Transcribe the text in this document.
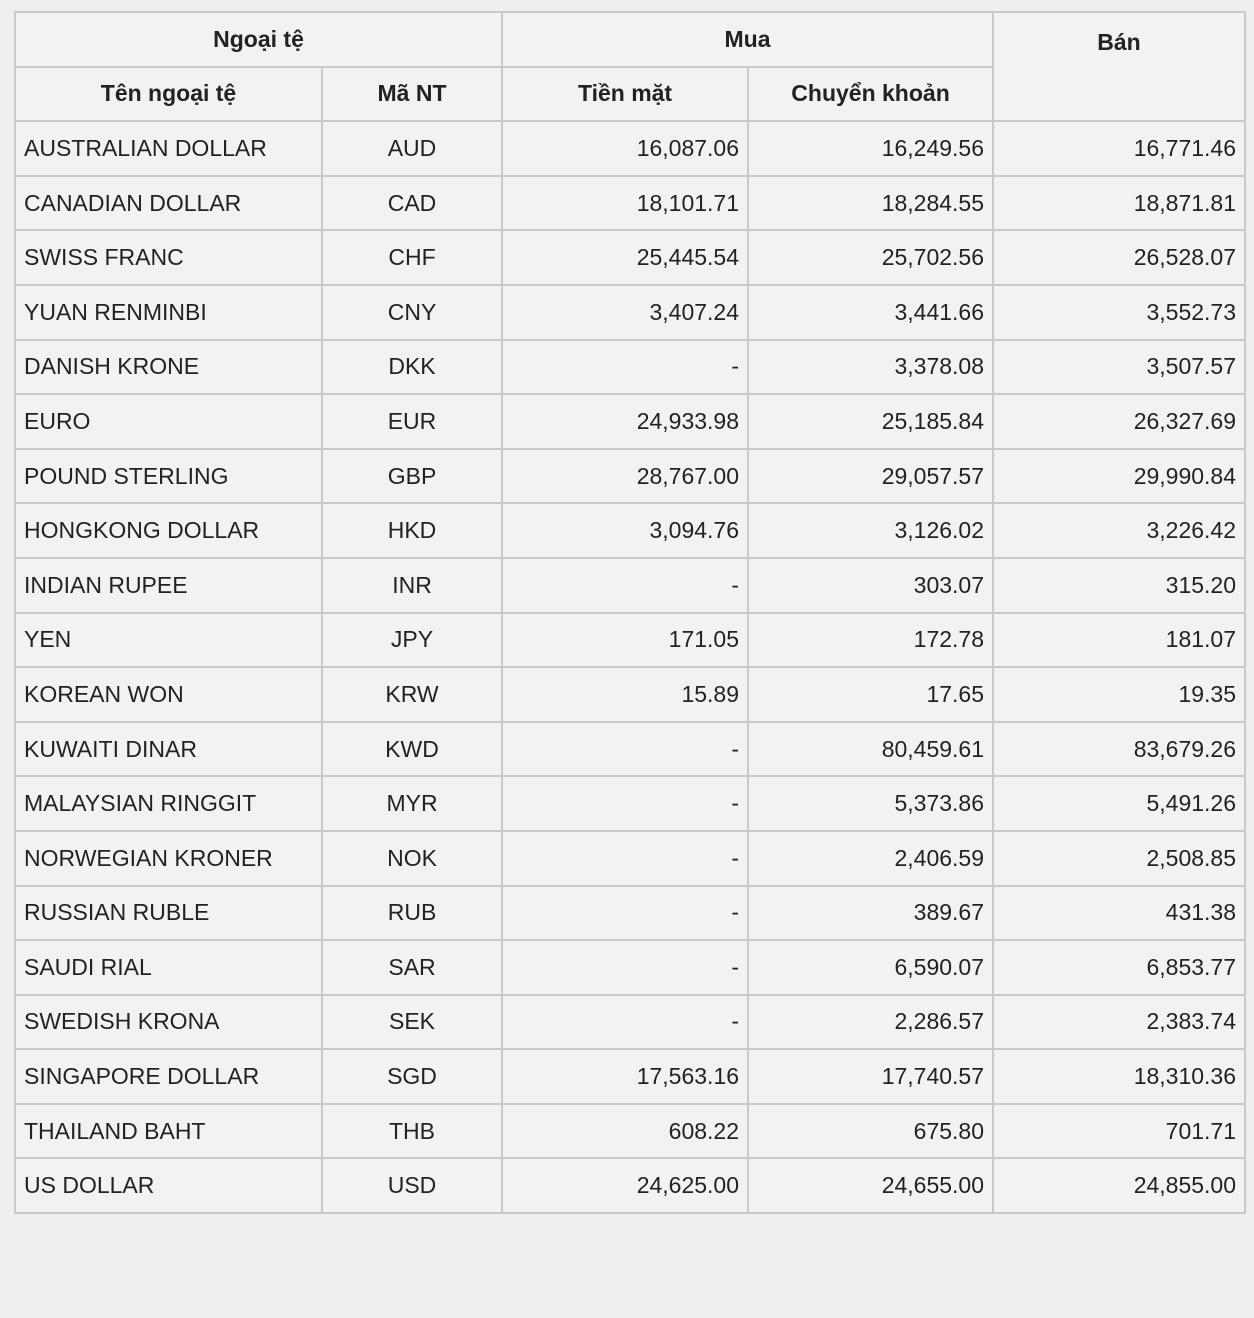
Ngoại tệ		Mua		Bán
Tên ngoại tệ	Mã NT	Tiền mặt	Chuyển khoản	
AUSTRALIAN DOLLAR	AUD	16,087.06	16,249.56	16,771.46
CANADIAN DOLLAR	CAD	18,101.71	18,284.55	18,871.81
SWISS FRANC	CHF	25,445.54	25,702.56	26,528.07
YUAN RENMINBI	CNY	3,407.24	3,441.66	3,552.73
DANISH KRONE	DKK	-	3,378.08	3,507.57
EURO	EUR	24,933.98	25,185.84	26,327.69
POUND STERLING	GBP	28,767.00	29,057.57	29,990.84
HONGKONG DOLLAR	HKD	3,094.76	3,126.02	3,226.42
INDIAN RUPEE	INR	-	303.07	315.20
YEN	JPY	171.05	172.78	181.07
KOREAN WON	KRW	15.89	17.65	19.35
KUWAITI DINAR	KWD	-	80,459.61	83,679.26
MALAYSIAN RINGGIT	MYR	-	5,373.86	5,491.26
NORWEGIAN KRONER	NOK	-	2,406.59	2,508.85
RUSSIAN RUBLE	RUB	-	389.67	431.38
SAUDI RIAL	SAR	-	6,590.07	6,853.77
SWEDISH KRONA	SEK	-	2,286.57	2,383.74
SINGAPORE DOLLAR	SGD	17,563.16	17,740.57	18,310.36
THAILAND BAHT	THB	608.22	675.80	701.71
US DOLLAR	USD	24,625.00	24,655.00	24,855.00
